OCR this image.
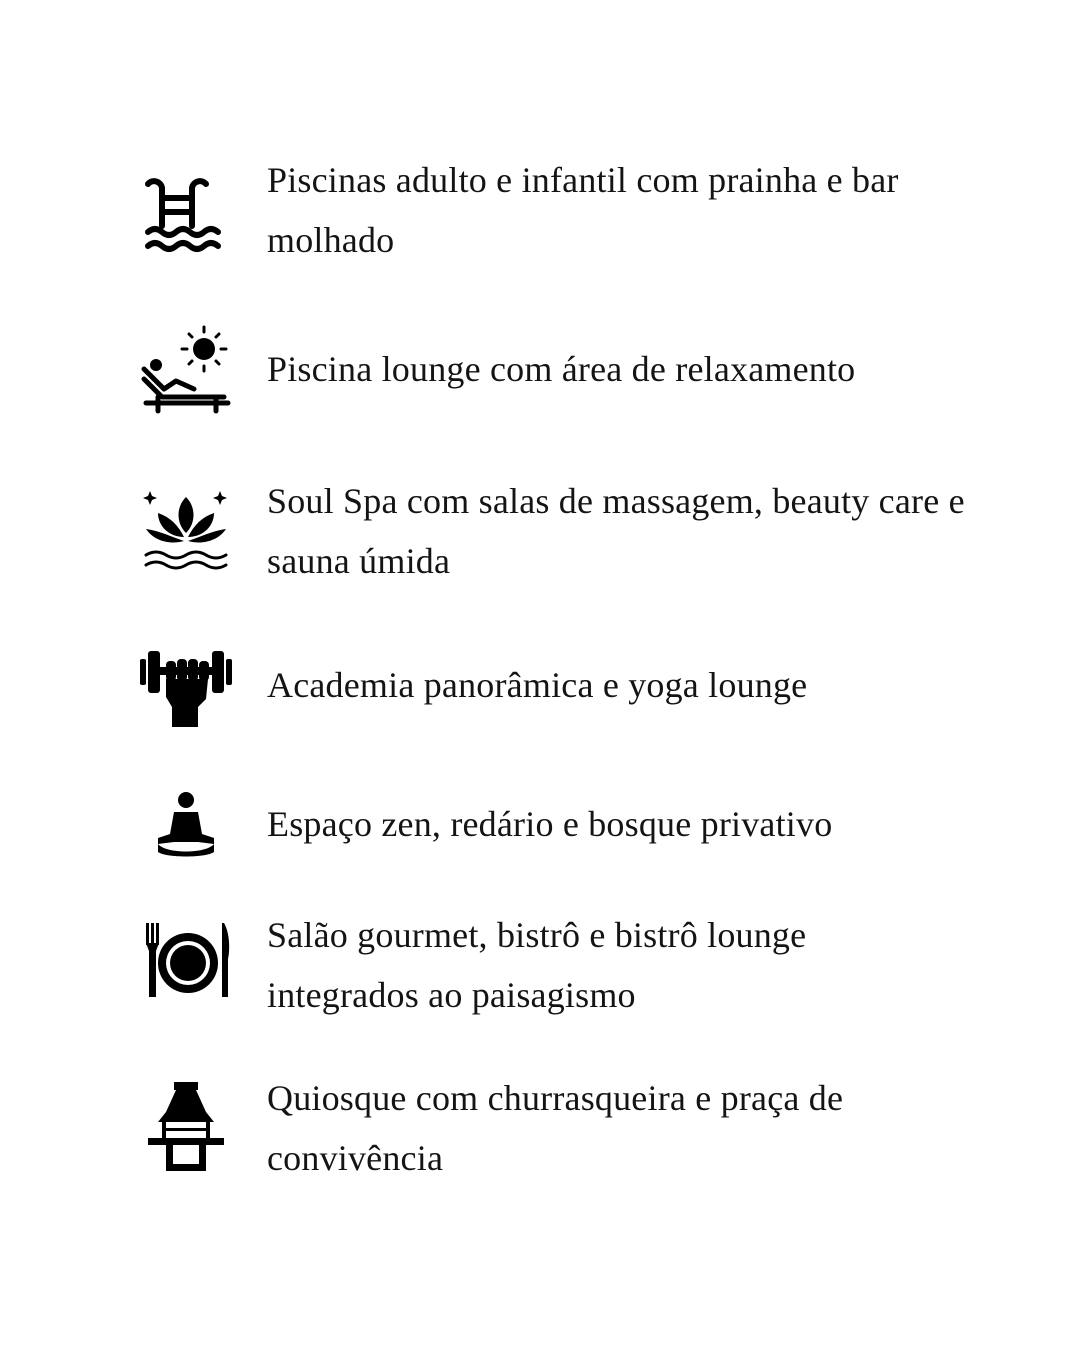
Piscinas adulto e infantil com prainha e bar molhado

Piscina lounge com área de relaxamento

Soul Spa com salas de massagem, beauty care e sauna úmida

Academia panorâmica e yoga lounge

Espaço zen, redário e bosque privativo

Salão gourmet, bistrô e bistrô lounge integrados ao paisagismo

Quiosque com churrasqueira e praça de convivência
